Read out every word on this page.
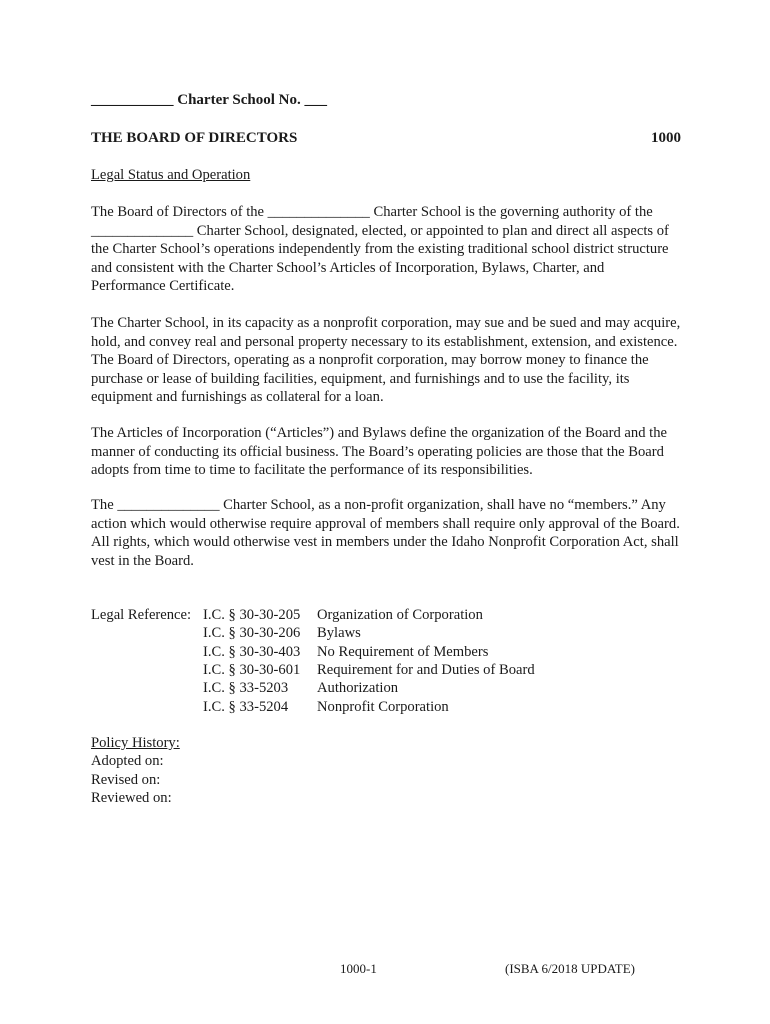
___________ Charter School No. ___
THE BOARD OF DIRECTORS	1000
Legal Status and Operation
The Board of Directors of the ______________ Charter School is the governing authority of the ______________ Charter School, designated, elected, or appointed to plan and direct all aspects of the Charter School’s operations independently from the existing traditional school district structure and consistent with the Charter School’s Articles of Incorporation, Bylaws, Charter, and Performance Certificate.
The Charter School, in its capacity as a nonprofit corporation, may sue and be sued and may acquire, hold, and convey real and personal property necessary to its establishment, extension, and existence. The Board of Directors, operating as a nonprofit corporation, may borrow money to finance the purchase or lease of building facilities, equipment, and furnishings and to use the facility, its equipment and furnishings as collateral for a loan.
The Articles of Incorporation (“Articles”) and Bylaws define the organization of the Board and the manner of conducting its official business. The Board’s operating policies are those that the Board adopts from time to time to facilitate the performance of its responsibilities.
The ______________ Charter School, as a non-profit organization, shall have no “members.” Any action which would otherwise require approval of members shall require only approval of the Board. All rights, which would otherwise vest in members under the Idaho Nonprofit Corporation Act, shall vest in the Board.
Legal Reference: I.C. § 30-30-205 Organization of Corporation
I.C. § 30-30-206 Bylaws
I.C. § 30-30-403 No Requirement of Members
I.C. § 30-30-601 Requirement for and Duties of Board
I.C. § 33-5203 Authorization
I.C. § 33-5204 Nonprofit Corporation
Policy History:
Adopted on:
Revised on:
Reviewed on:
1000-1	(ISBA 6/2018 UPDATE)
